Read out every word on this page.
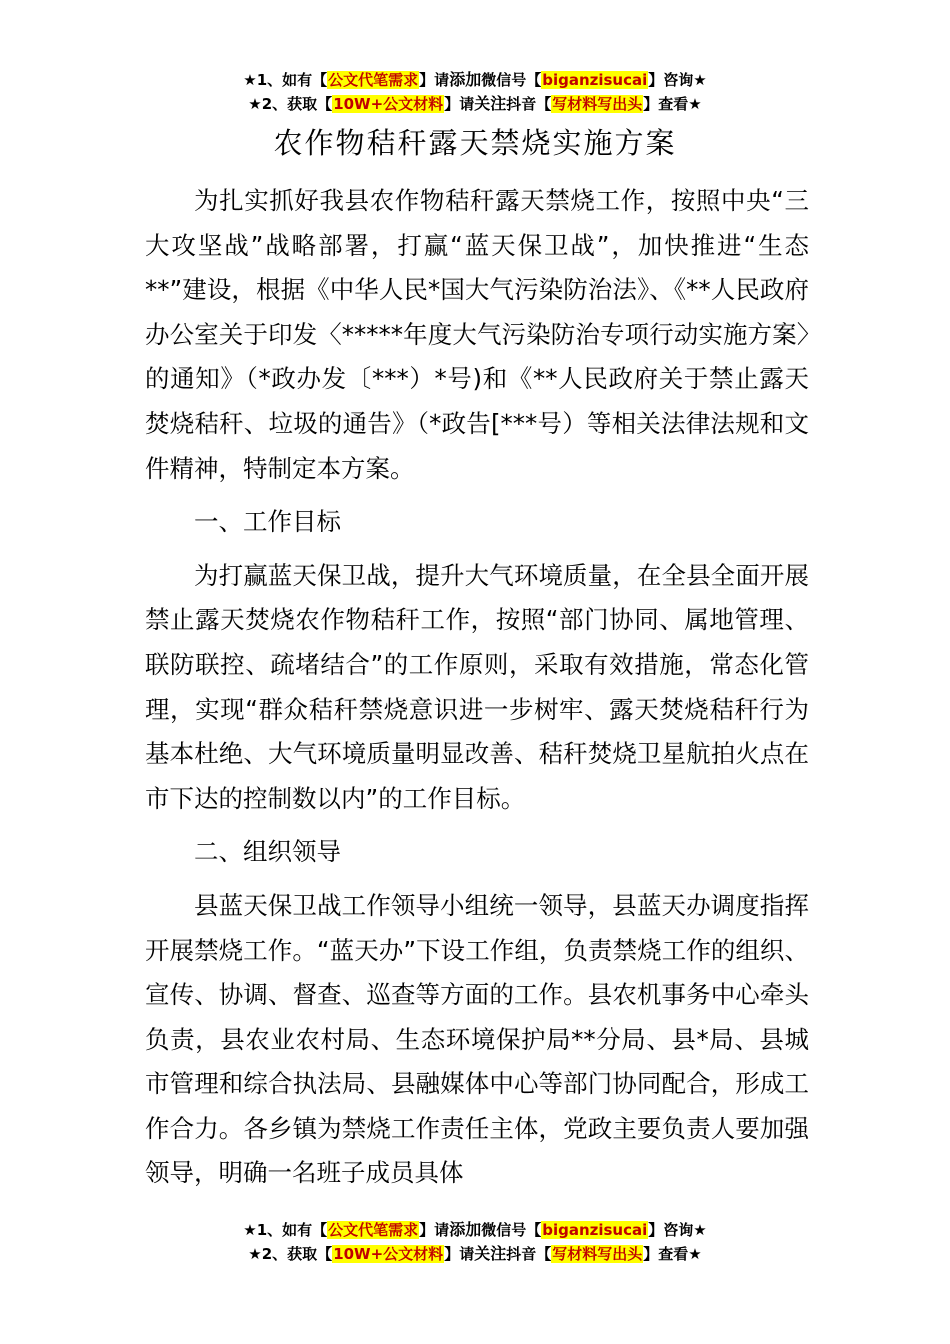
★1、如有【公文代笔需求】请添加微信号【biganzisucai】咨询★
★2、获取【10W+公文材料】请关注抖音【写材料写出头】查看★
农作物秸秆露天禁烧实施方案

为扎实抓好我县农作物秸秆露天禁烧工作，按照中央“三大攻坚战”战略部署，打赢“蓝天保卫战”，加快推进“生态**”建设，根据《中华人民*国大气污染防治法》、《**人民政府办公室关于印发〈*****年度大气污染防治专项行动实施方案〉的通知》（*政办发〔***）*号)和《**人民政府关于禁止露天焚烧秸秆、垃圾的通告》（*政告[***号）等相关法律法规和文件精神，特制定本方案。

一、工作目标

为打赢蓝天保卫战，提升大气环境质量，在全县全面开展禁止露天焚烧农作物秸秆工作，按照“部门协同、属地管理、联防联控、疏堵结合”的工作原则，采取有效措施，常态化管理，实现“群众秸秆禁烧意识进一步树牢、露天焚烧秸秆行为基本杜绝、大气环境质量明显改善、秸秆焚烧卫星航拍火点在市下达的控制数以内”的工作目标。

二、组织领导

县蓝天保卫战工作领导小组统一领导，县蓝天办调度指挥开展禁烧工作。“蓝天办”下设工作组，负责禁烧工作的组织、宣传、协调、督查、巡查等方面的工作。县农机事务中心牵头负责，县农业农村局、生态环境保护局**分局、县*局、县城市管理和综合执法局、县融媒体中心等部门协同配合，形成工作合力。各乡镇为禁烧工作责任主体，党政主要负责人要加强领导，明确一名班子成员具体

★1、如有【公文代笔需求】请添加微信号【biganzisucai】咨询★
★2、获取【10W+公文材料】请关注抖音【写材料写出头】查看★
